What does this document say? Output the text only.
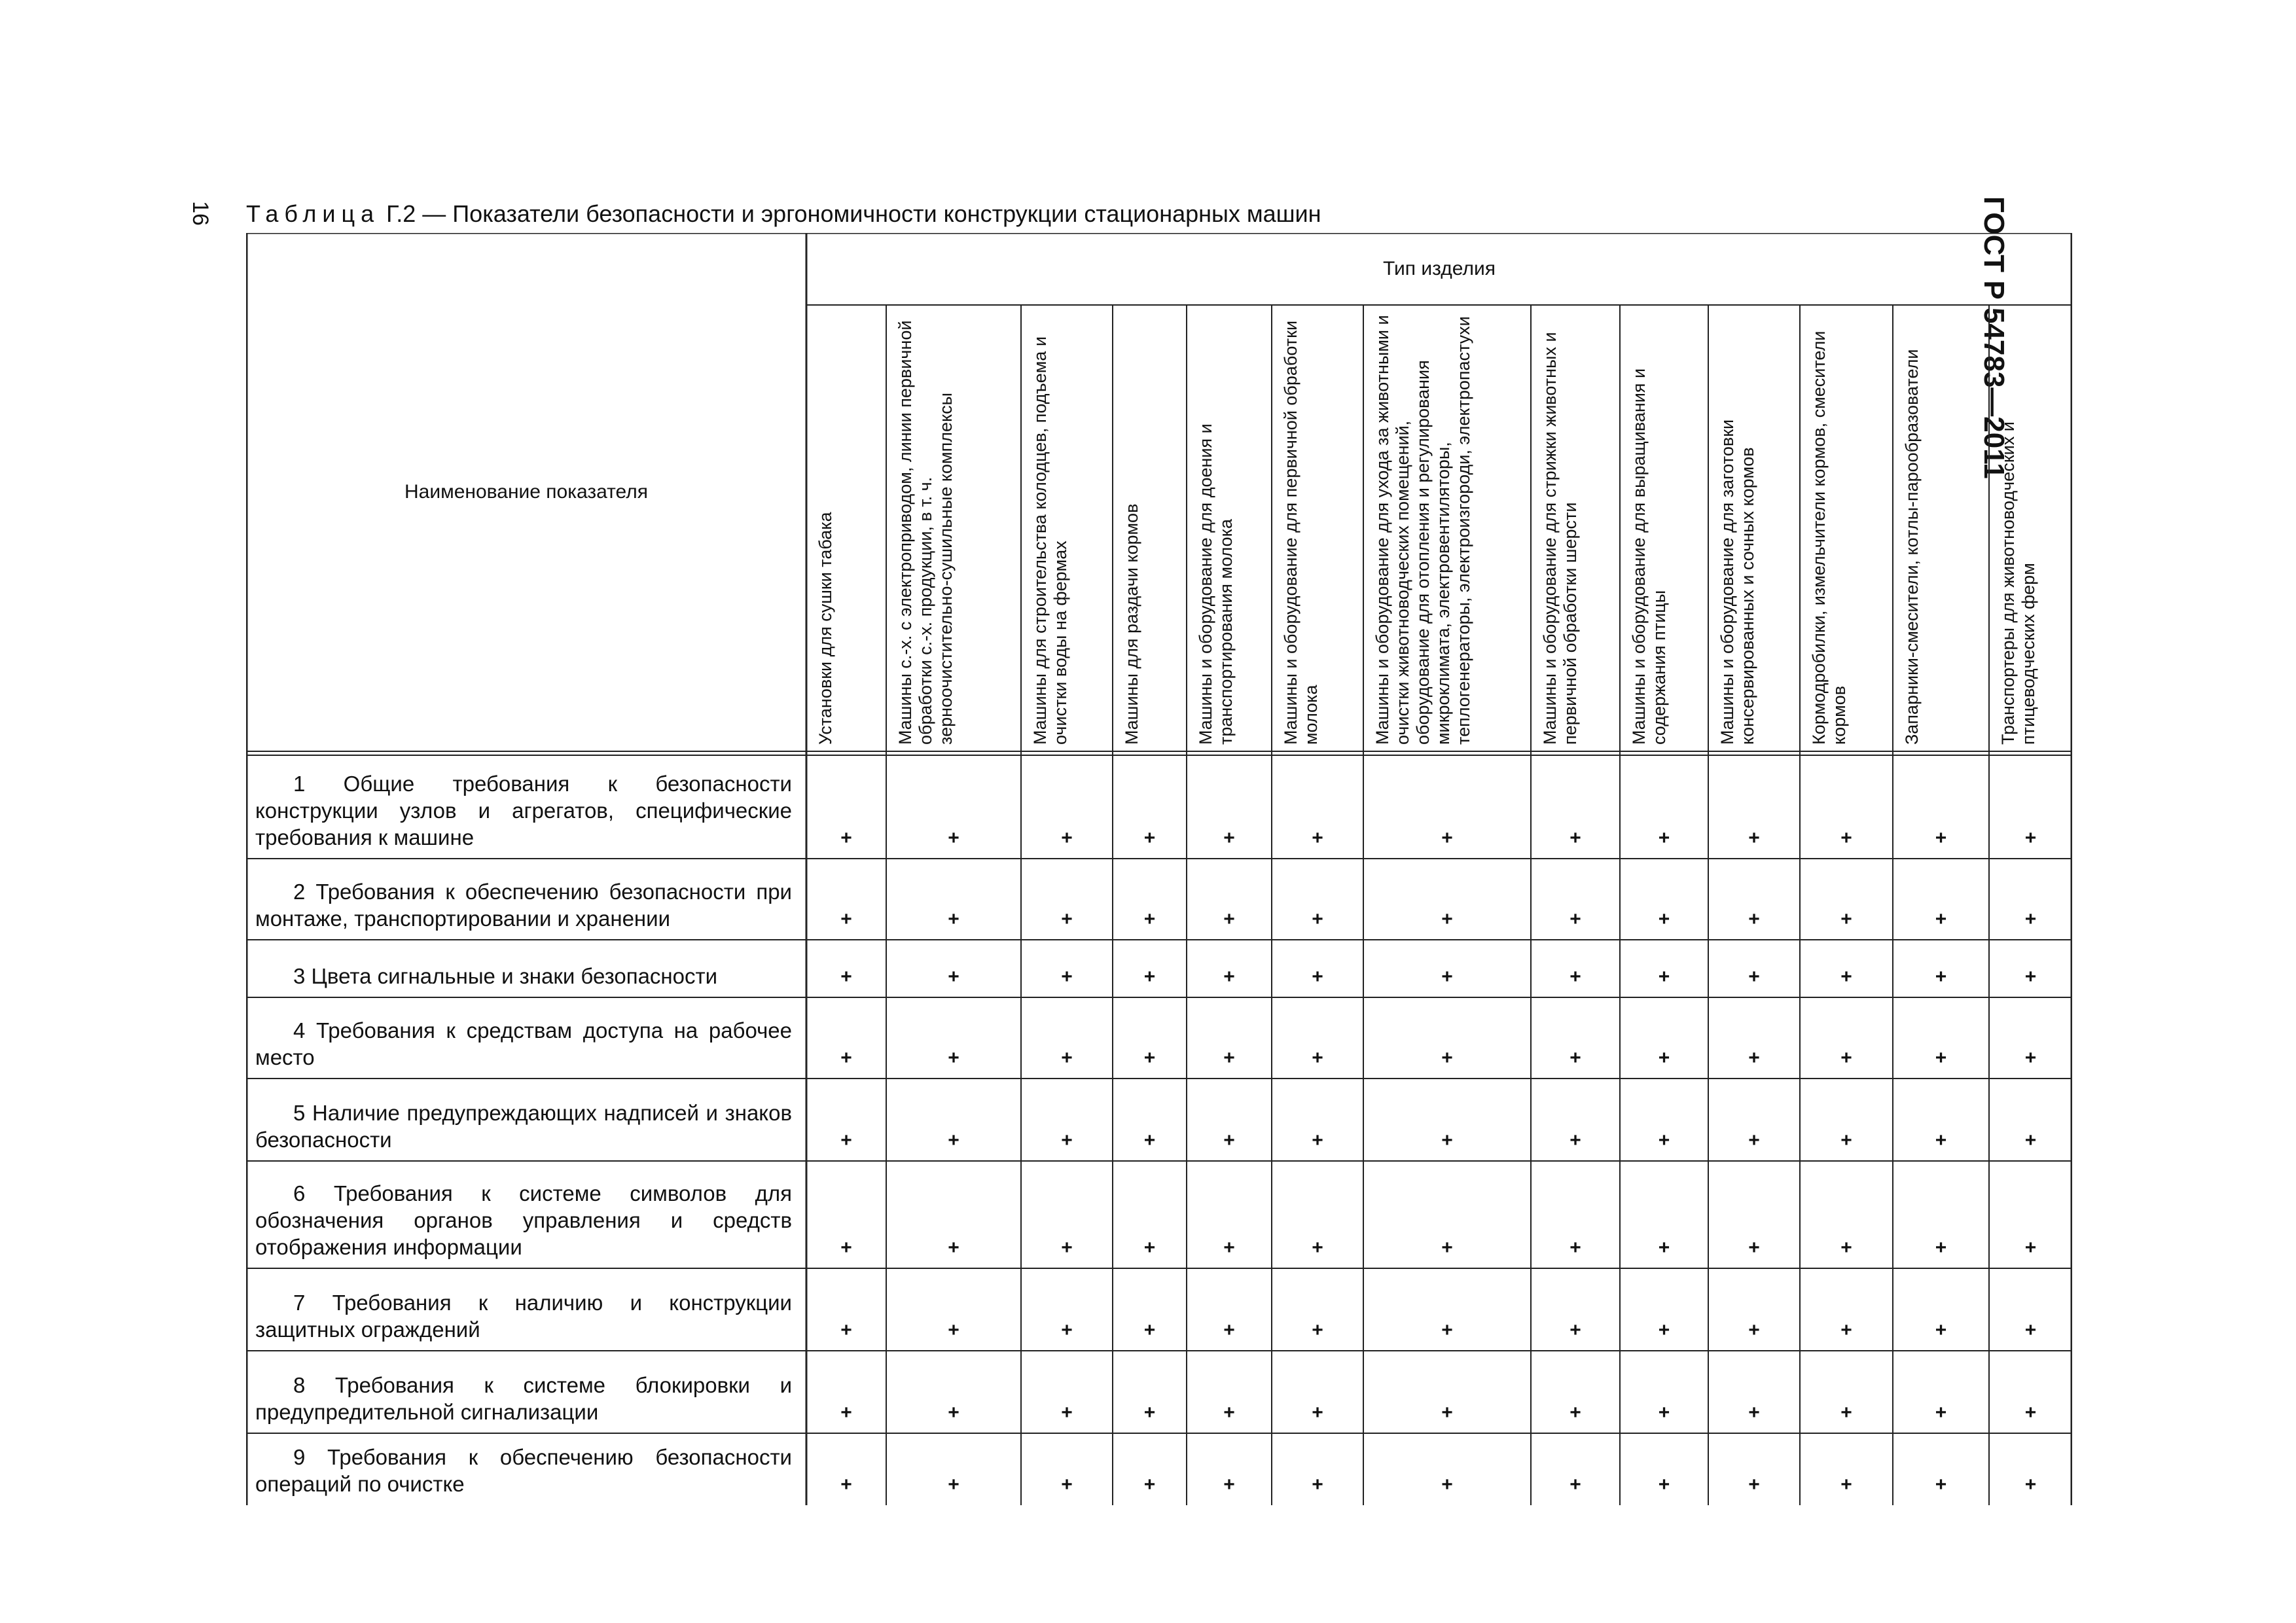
16	ГОСТ Р 54783—2011
Таблица Г.2 — Показатели безопасности и эргономичности конструкции стационарных машин
Наименование показателя
Тип изделия
Установки для сушки табака	Машины с.-х. с электроприводом, линии первичной обработки с.-х. продукции, в т. ч. зерноочистительно-сушильные комплексы	Машины для строительства колодцев, подъема и очистки воды на фермах	Машины для раздачи кормов	Машины и оборудование для доения и транспортирования молока	Машины и оборудование для первичной обработки молока	Машины и оборудование для ухода за животными и очистки животноводческих помещений, оборудование для отопления и регулирования микроклимата, электровентиляторы, теплогенераторы, электроизгороди, электропастухи	Машины и оборудование для стрижки животных и первичной обработки шерсти	Машины и оборудование для выращивания и содержания птицы	Машины и оборудование для заготовки консервированных и сочных кормов	Кормодробилки, измельчители кормов, смесители кормов	Запарники-смесители, котлы-парообразователи	Транспортеры для животноводческих и птицеводческих ферм
1 Общие требования к безопасности конструкции узлов и агрегатов, специфические требования к машине	+	+	+	+	+	+	+	+	+	+	+	+	+
2 Требования к обеспечению безопасности при монтаже, транспортировании и хранении	+	+	+	+	+	+	+	+	+	+	+	+	+
3 Цвета сигнальные и знаки безопасности	+	+	+	+	+	+	+	+	+	+	+	+	+
4 Требования к средствам доступа на рабочее место	+	+	+	+	+	+	+	+	+	+	+	+	+
5 Наличие предупреждающих надписей и знаков безопасности	+	+	+	+	+	+	+	+	+	+	+	+	+
6 Требования к системе символов для обозначения органов управления и средств отображения информации	+	+	+	+	+	+	+	+	+	+	+	+	+
7 Требования к наличию и конструкции защитных ограждений	+	+	+	+	+	+	+	+	+	+	+	+	+
8 Требования к системе блокировки и предупредительной сигнализации	+	+	+	+	+	+	+	+	+	+	+	+	+
9 Требования к обеспечению безопасности операций по очистке	+	+	+	+	+	+	+	+	+	+	+	+	+
